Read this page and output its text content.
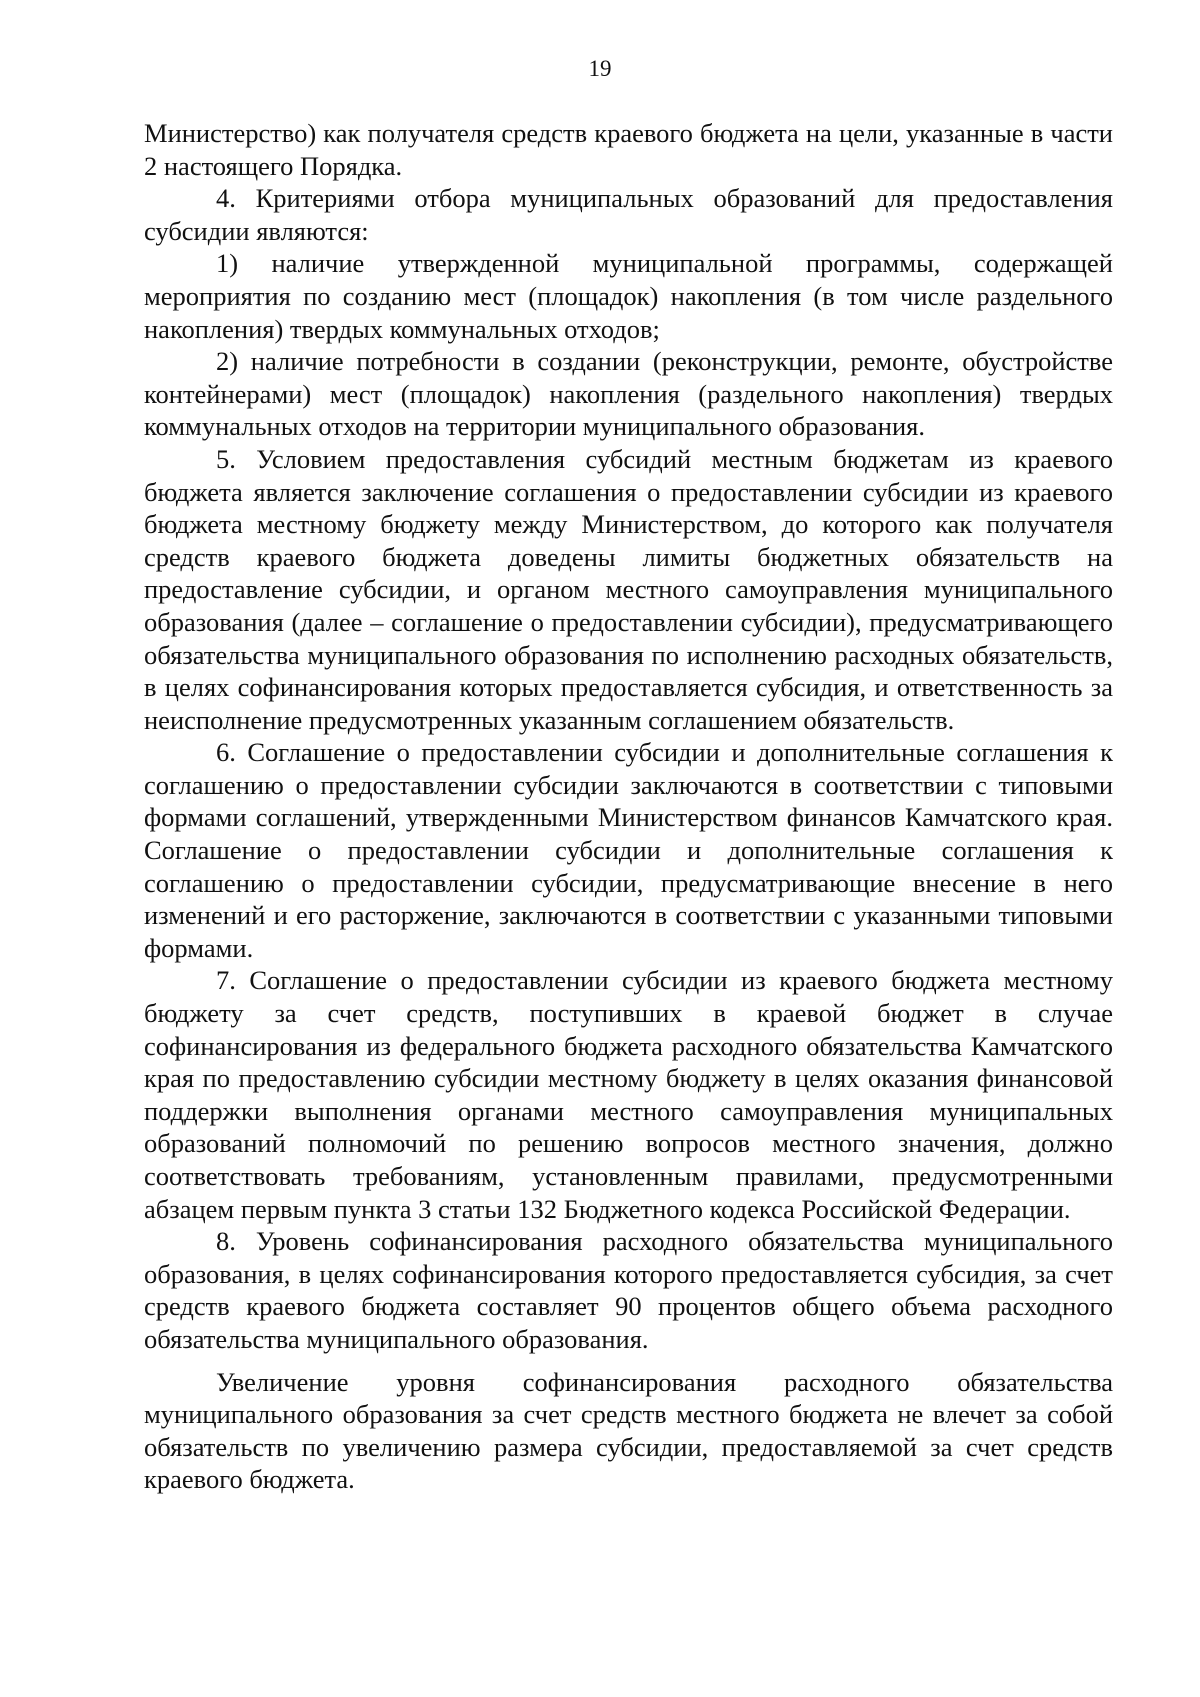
19

Министерство) как получателя средств краевого бюджета на цели, указанные в части 2 настоящего Порядка.

4. Критериями отбора муниципальных образований для предоставления субсидии являются:

1) наличие утвержденной муниципальной программы, содержащей мероприятия по созданию мест (площадок) накопления (в том числе раздельного накопления) твердых коммунальных отходов;

2) наличие потребности в создании (реконструкции, ремонте, обустройстве контейнерами) мест (площадок) накопления (раздельного накопления) твердых коммунальных отходов на территории муниципального образования.

5. Условием предоставления субсидий местным бюджетам из краевого бюджета является заключение соглашения о предоставлении субсидии из краевого бюджета местному бюджету между Министерством, до которого как получателя средств краевого бюджета доведены лимиты бюджетных обязательств на предоставление субсидии, и органом местного самоуправления муниципального образования (далее – соглашение о предоставлении субсидии), предусматривающего обязательства муниципального образования по исполнению расходных обязательств, в целях софинансирования которых предоставляется субсидия, и ответственность за неисполнение предусмотренных указанным соглашением обязательств.

6. Соглашение о предоставлении субсидии и дополнительные соглашения к соглашению о предоставлении субсидии заключаются в соответствии с типовыми формами соглашений, утвержденными Министерством финансов Камчатского края. Соглашение о предоставлении субсидии и дополнительные соглашения к соглашению о предоставлении субсидии, предусматривающие внесение в него изменений и его расторжение, заключаются в соответствии с указанными типовыми формами.

7. Соглашение о предоставлении субсидии из краевого бюджета местному бюджету за счет средств, поступивших в краевой бюджет в случае софинансирования из федерального бюджета расходного обязательства Камчатского края по предоставлению субсидии местному бюджету в целях оказания финансовой поддержки выполнения органами местного самоуправления муниципальных образований полномочий по решению вопросов местного значения, должно соответствовать требованиям, установленным правилами, предусмотренными абзацем первым пункта 3 статьи 132 Бюджетного кодекса Российской Федерации.

8. Уровень софинансирования расходного обязательства муниципального образования, в целях софинансирования которого предоставляется субсидия, за счет средств краевого бюджета составляет 90 процентов общего объема расходного обязательства муниципального образования.

Увеличение уровня софинансирования расходного обязательства муниципального образования за счет средств местного бюджета не влечет за собой обязательств по увеличению размера субсидии, предоставляемой за счет средств краевого бюджета.
